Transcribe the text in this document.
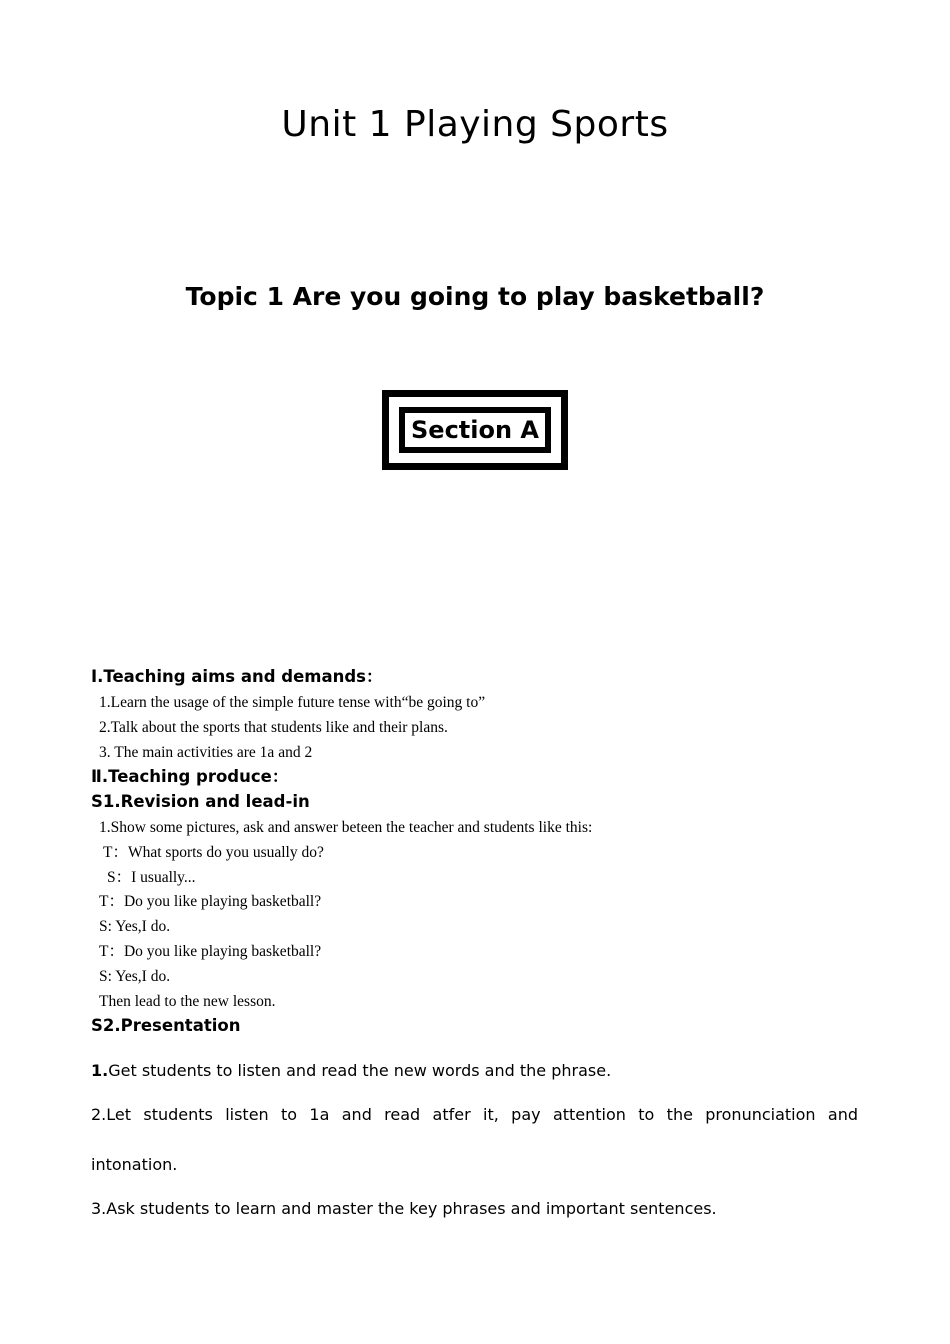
Unit 1 Playing Sports
Topic 1 Are you going to play basketball?
Section A
Ⅰ.Teaching aims and demands：
1.Learn the usage of the simple future tense with“be going to”
2.Talk about the sports that students like and their plans.
3. The main activities are 1a and 2
Ⅱ.Teaching produce：
S1.Revision and lead-in
1.Show some pictures, ask and answer beteen the teacher and students like this:
T：What sports do you usually do?
S：I usually...
T：Do you like playing basketball?
S: Yes,I do.
T：Do you like playing basketball?
S: Yes,I do.
Then lead to the new lesson.
S2.Presentation
1.Get students to listen and read the new words and the phrase.
2.Let students listen to 1a and read atfer it, pay attention to the pronunciation and
intonation.
3.Ask students to learn and master the key phrases and important sentences.
